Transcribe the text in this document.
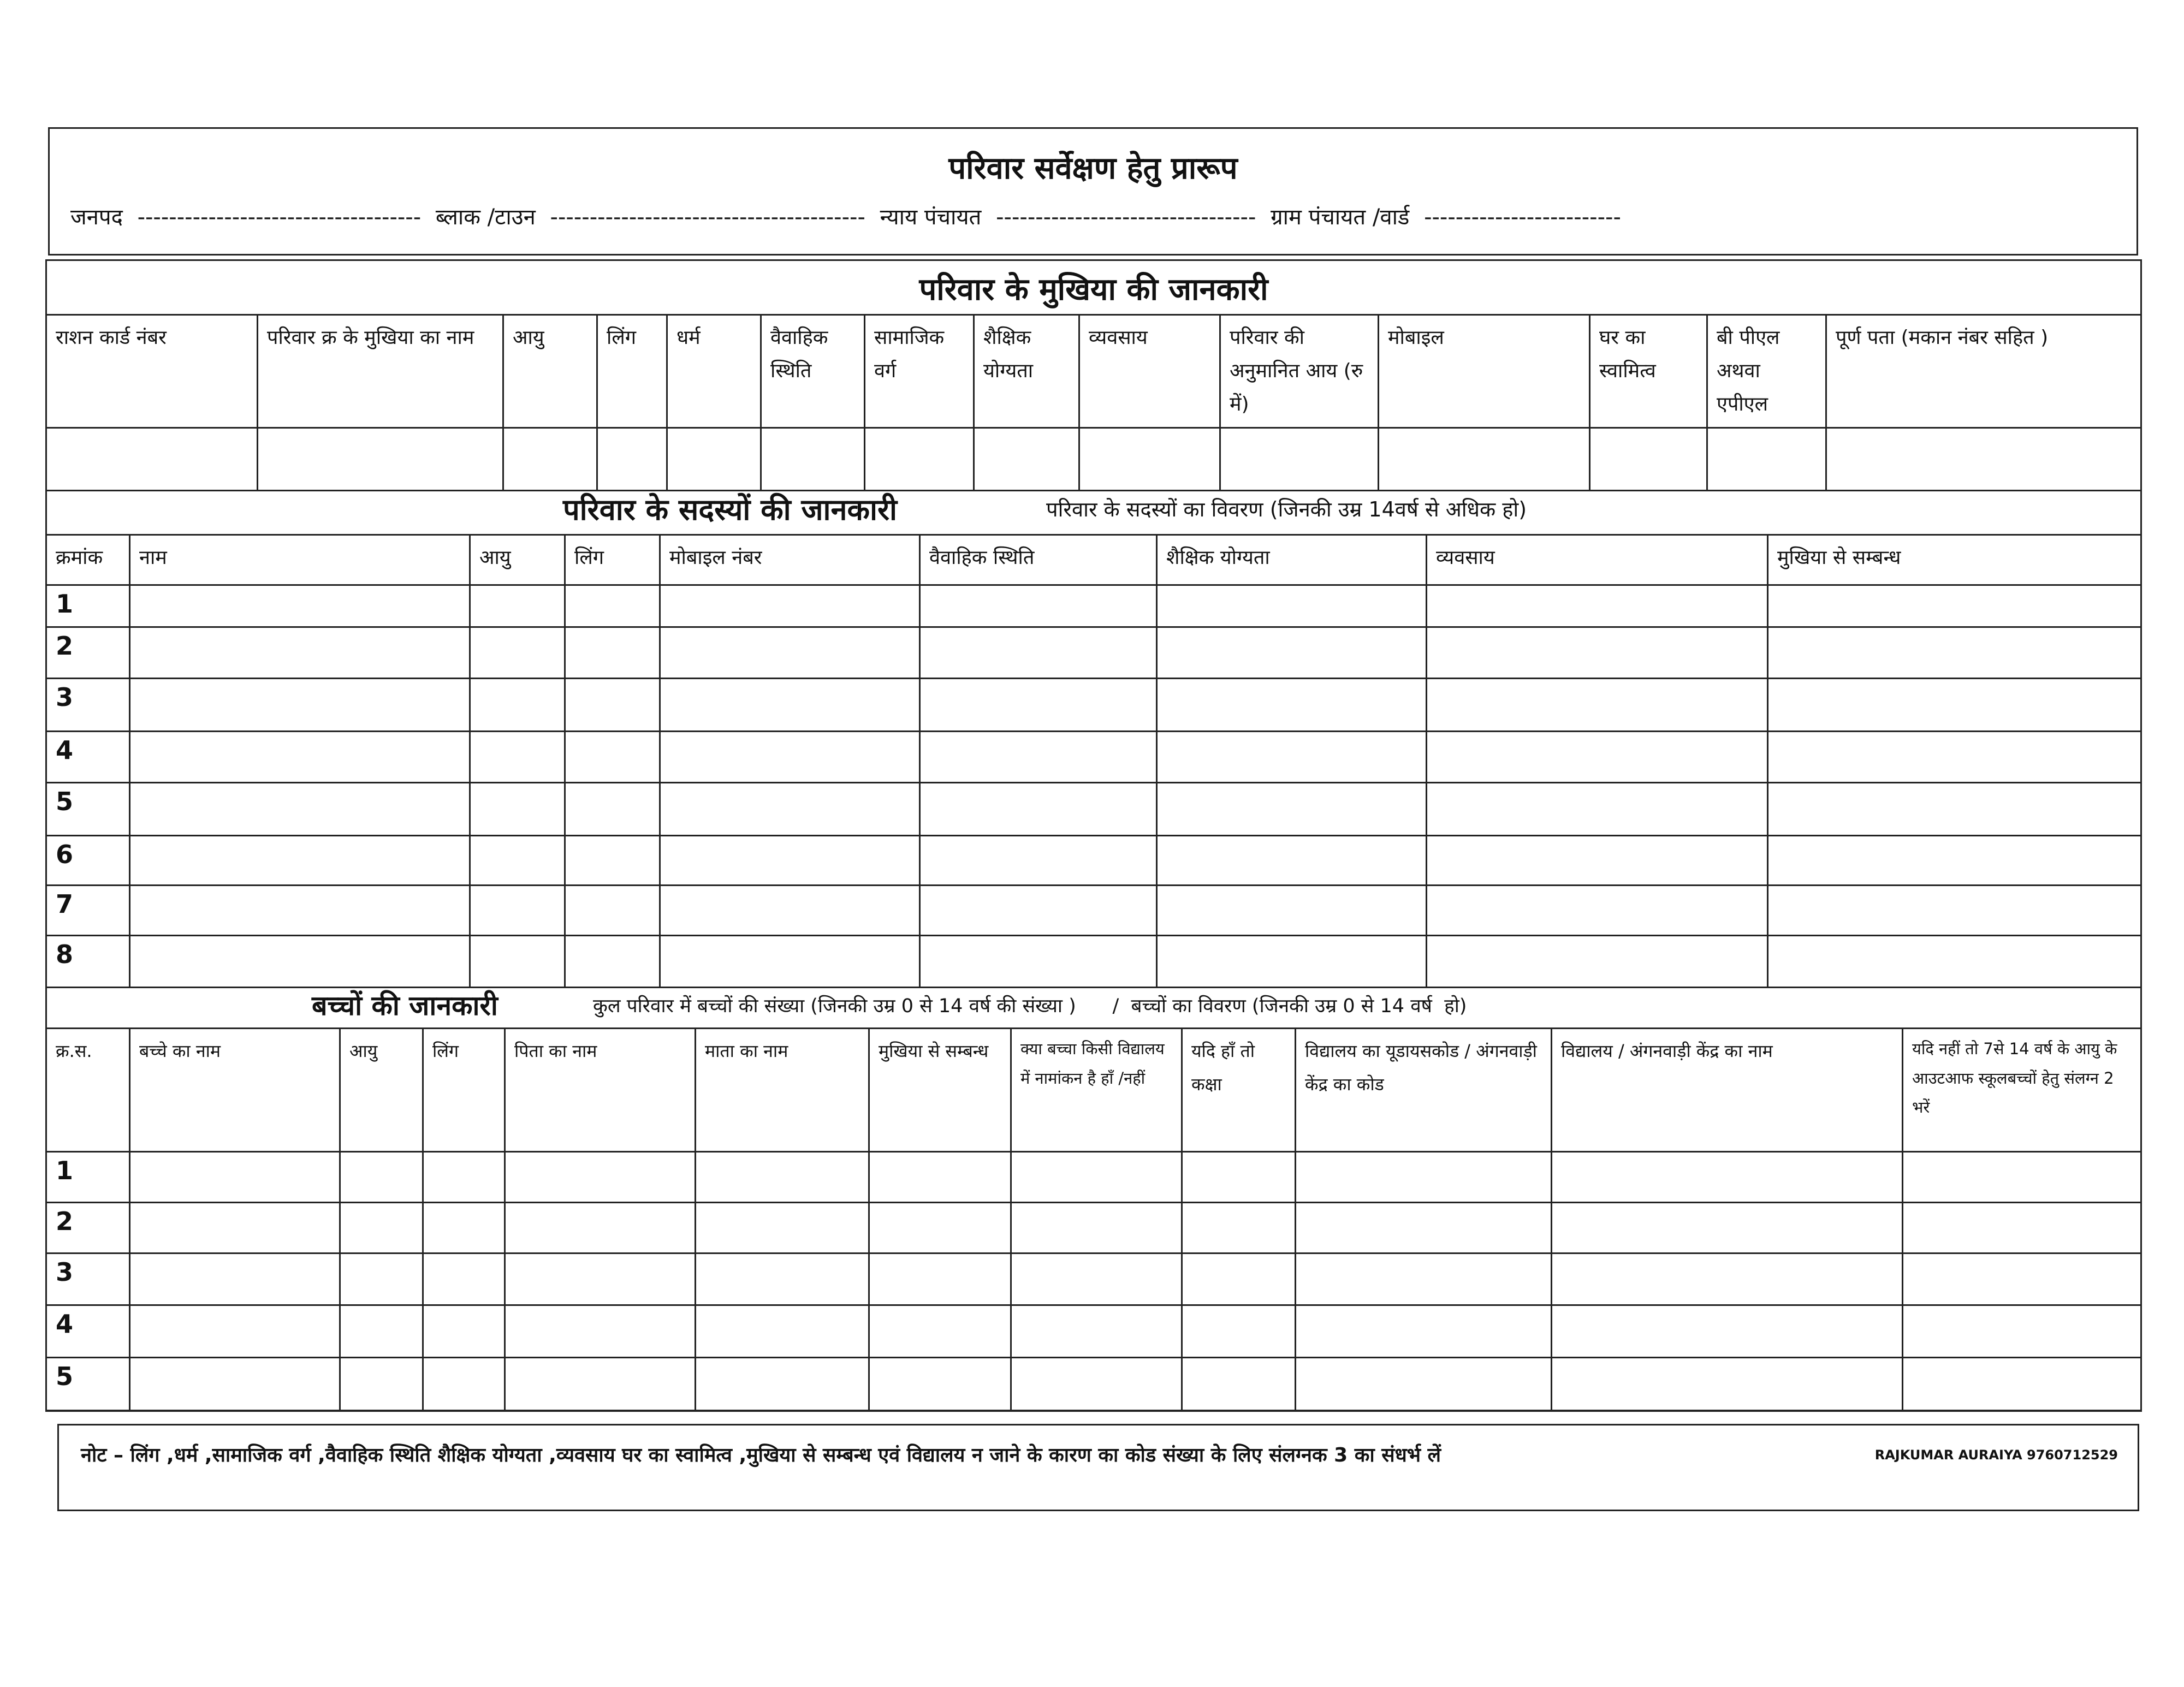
परिवार सर्वेक्षण हेतु प्रारूप
जनपद ------------------------------------ ब्लाक /टाउन ---------------------------------------- न्याय पंचायत --------------------------------- ग्राम पंचायत /वार्ड -------------------------
परिवार के मुखिया की जानकारी
राशन कार्ड नंबर	परिवार क्र के मुखिया का नाम	आयु	लिंग	धर्म	वैवाहिक स्थिति	सामाजिक वर्ग	शैक्षिक योग्यता	व्यवसाय	परिवार की अनुमानित आय (रु में)	मोबाइल	घर का स्वामित्व	बी पीएल अथवा एपीएल	पूर्ण पता (मकान नंबर सहित )

परिवार के सदस्यों की जानकारी	परिवार के सदस्यों का विवरण (जिनकी उम्र 14वर्ष से अधिक हो)
क्रमांक	नाम	आयु	लिंग	मोबाइल नंबर	वैवाहिक स्थिति	शैक्षिक योग्यता	व्यवसाय	मुखिया से सम्बन्ध
1								
2								
3								
4								
5								
6								
7								
8								
बच्चों की जानकारी	कुल परिवार में बच्चों की संख्या (जिनकी उम्र 0 से 14 वर्ष की संख्या )      /  बच्चों का विवरण (जिनकी उम्र 0 से 14 वर्ष  हो)
क्र.स.	बच्चे का नाम	आयु	लिंग	पिता का नाम	माता का नाम	मुखिया से सम्बन्ध	क्या बच्चा किसी विद्यालय में नामांकन है हाँ /नहीं	यदि हाँ तो कक्षा	विद्यालय का यूडायसकोड / अंगनवाड़ी केंद्र का कोड	विद्यालय / अंगनवाड़ी केंद्र का नाम	यदि नहीं तो 7से 14 वर्ष के आयु के आउटआफ स्कूलबच्चों हेतु संलग्न 2 भरें
1											
2											
3											
4											
5											
नोट – लिंग ,धर्म ,सामाजिक वर्ग ,वैवाहिक स्थिति शैक्षिक योग्यता ,व्यवसाय घर का स्वामित्व ,मुखिया से सम्बन्ध एवं विद्यालय न जाने के कारण का कोड संख्या के लिए संलग्नक 3 का संधर्भ लें	RAJKUMAR AURAIYA 9760712529
